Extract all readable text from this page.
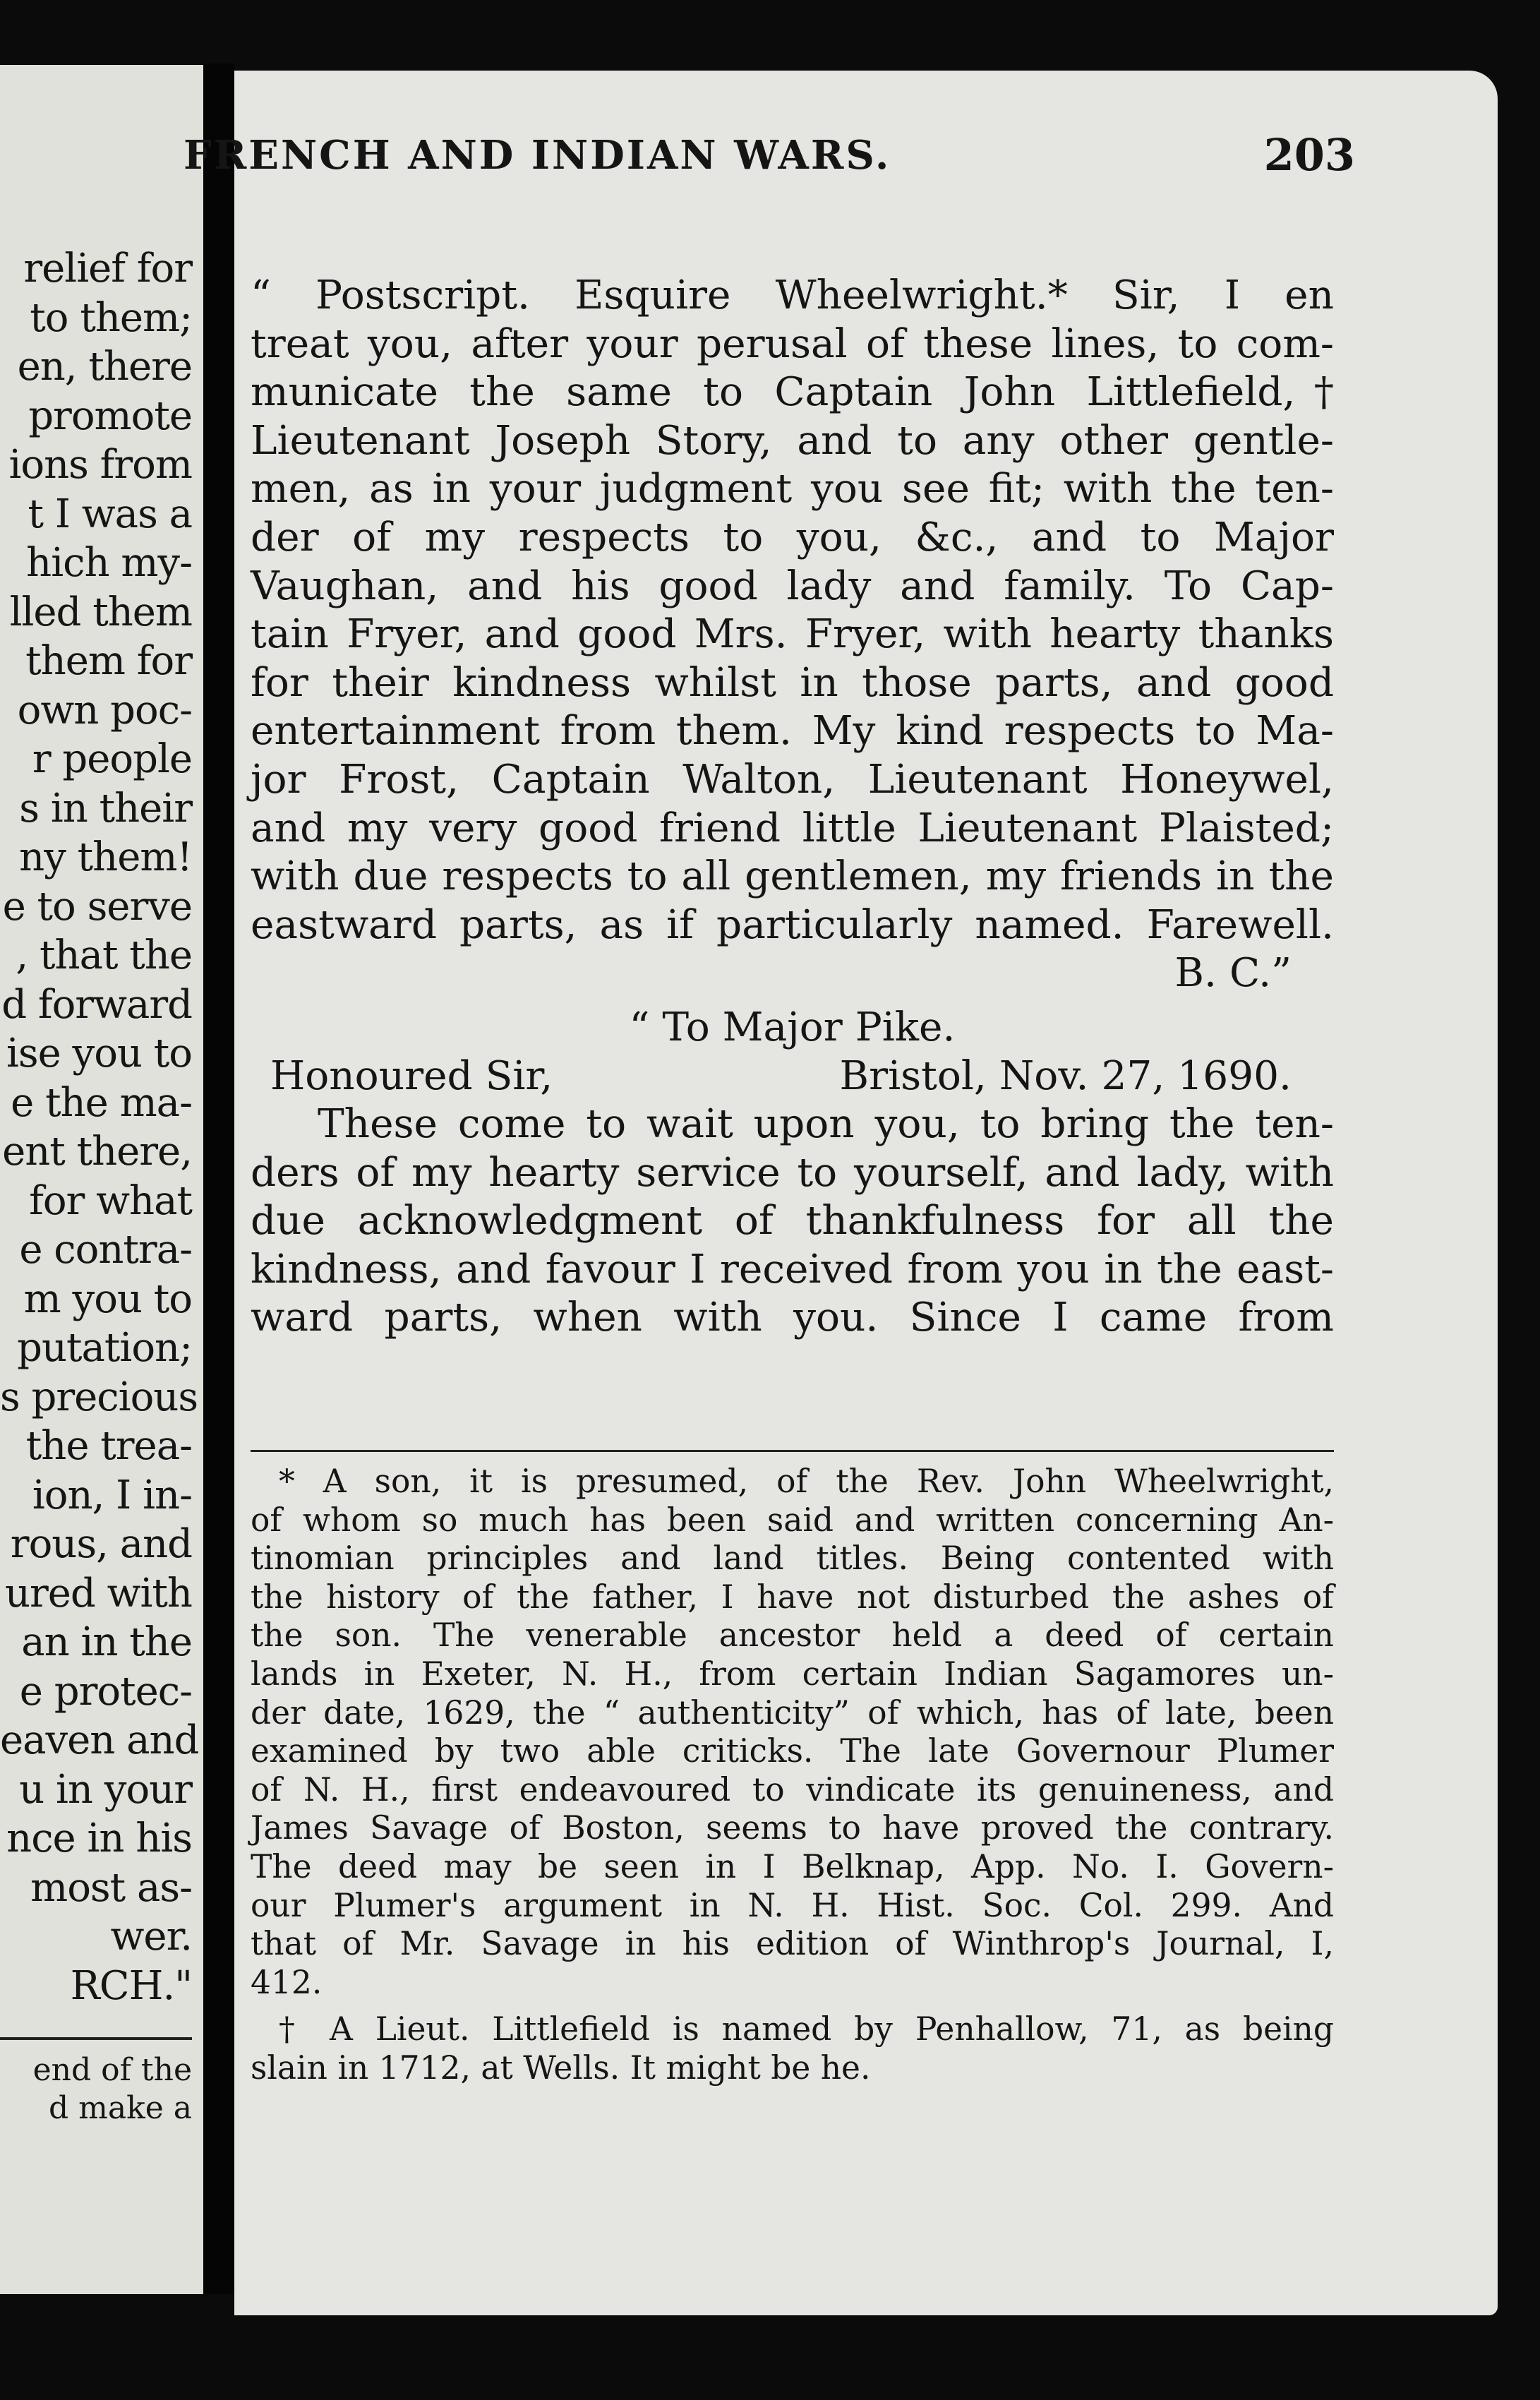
relief for
to them;
en, there
promote
ions from
t I was a
hich my-
lled them
them for
own poc-
r people
s in their
ny them!
e to serve
, that the
d forward
ise you to
e the ma-
ent there,
for what
e contra-
m you to
putation;
s precious
the trea-
ion, I in-
rous, and
ured with
an in the
e protec-
eaven and
u in your
nce in his
most as-
wer.
RCH."
end of the
d make a
FRENCH AND INDIAN WARS.	203
“ Postscript. Esquire Wheelwright.* Sir, I en
treat you, after your perusal of these lines, to com-
municate the same to Captain John Littlefield,†
Lieutenant Joseph Story, and to any other gentle-
men, as in your judgment you see fit; with the ten-
der of my respects to you, &c., and to Major
Vaughan, and his good lady and family. To Cap-
tain Fryer, and good Mrs. Fryer, with hearty thanks
for their kindness whilst in those parts, and good
entertainment from them. My kind respects to Ma-
jor Frost, Captain Walton, Lieutenant Honeywel,
and my very good friend little Lieutenant Plaisted;
with due respects to all gentlemen, my friends in the
eastward parts, as if particularly named. Farewell.
B. C.”
“ To Major Pike.
Honoured Sir,	Bristol, Nov. 27, 1690.
These come to wait upon you, to bring the ten-
ders of my hearty service to yourself, and lady, with
due acknowledgment of thankfulness for all the
kindness, and favour I received from you in the east-
ward parts, when with you. Since I came from
* A son, it is presumed, of the Rev. John Wheelwright,
of whom so much has been said and written concerning An-
tinomian principles and land titles. Being contented with
the history of the father, I have not disturbed the ashes of
the son. The venerable ancestor held a deed of certain
lands in Exeter, N. H., from certain Indian Sagamores un-
der date, 1629, the “ authenticity” of which, has of late, been
examined by two able criticks. The late Governour Plumer
of N. H., first endeavoured to vindicate its genuineness, and
James Savage of Boston, seems to have proved the contrary.
The deed may be seen in I Belknap, App. No. I. Govern-
our Plumer's argument in N. H. Hist. Soc. Col. 299. And
that of Mr. Savage in his edition of Winthrop's Journal, I,
412.
† A Lieut. Littlefield is named by Penhallow, 71, as being
slain in 1712, at Wells. It might be he.
